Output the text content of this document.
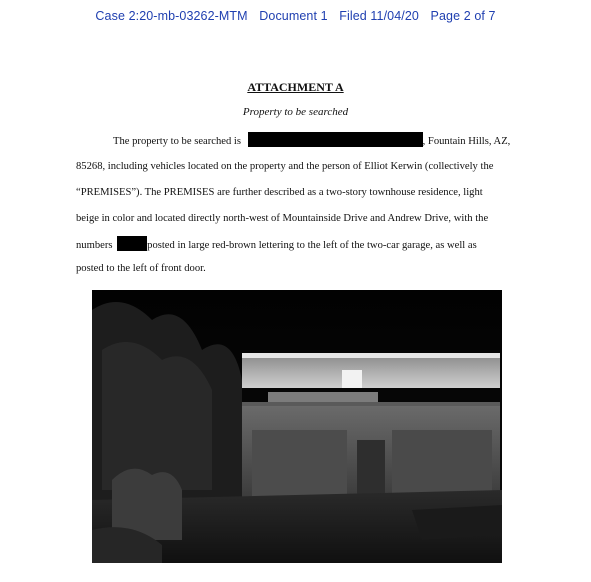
Case 2:20-mb-03262-MTM Document 1 Filed 11/04/20 Page 2 of 7
ATTACHMENT A
Property to be searched
The property to be searched is	, Fountain Hills, AZ,
85268, including vehicles located on the property and the person of Elliot Kerwin (collectively the
“PREMISES”). The PREMISES are further described as a two-story townhouse residence, light
beige in color and located directly north-west of Mountainside Drive and Andrew Drive, with the
numbers	posted in large red-brown lettering to the left of the two-car garage, as well as
posted to the left of front door.
